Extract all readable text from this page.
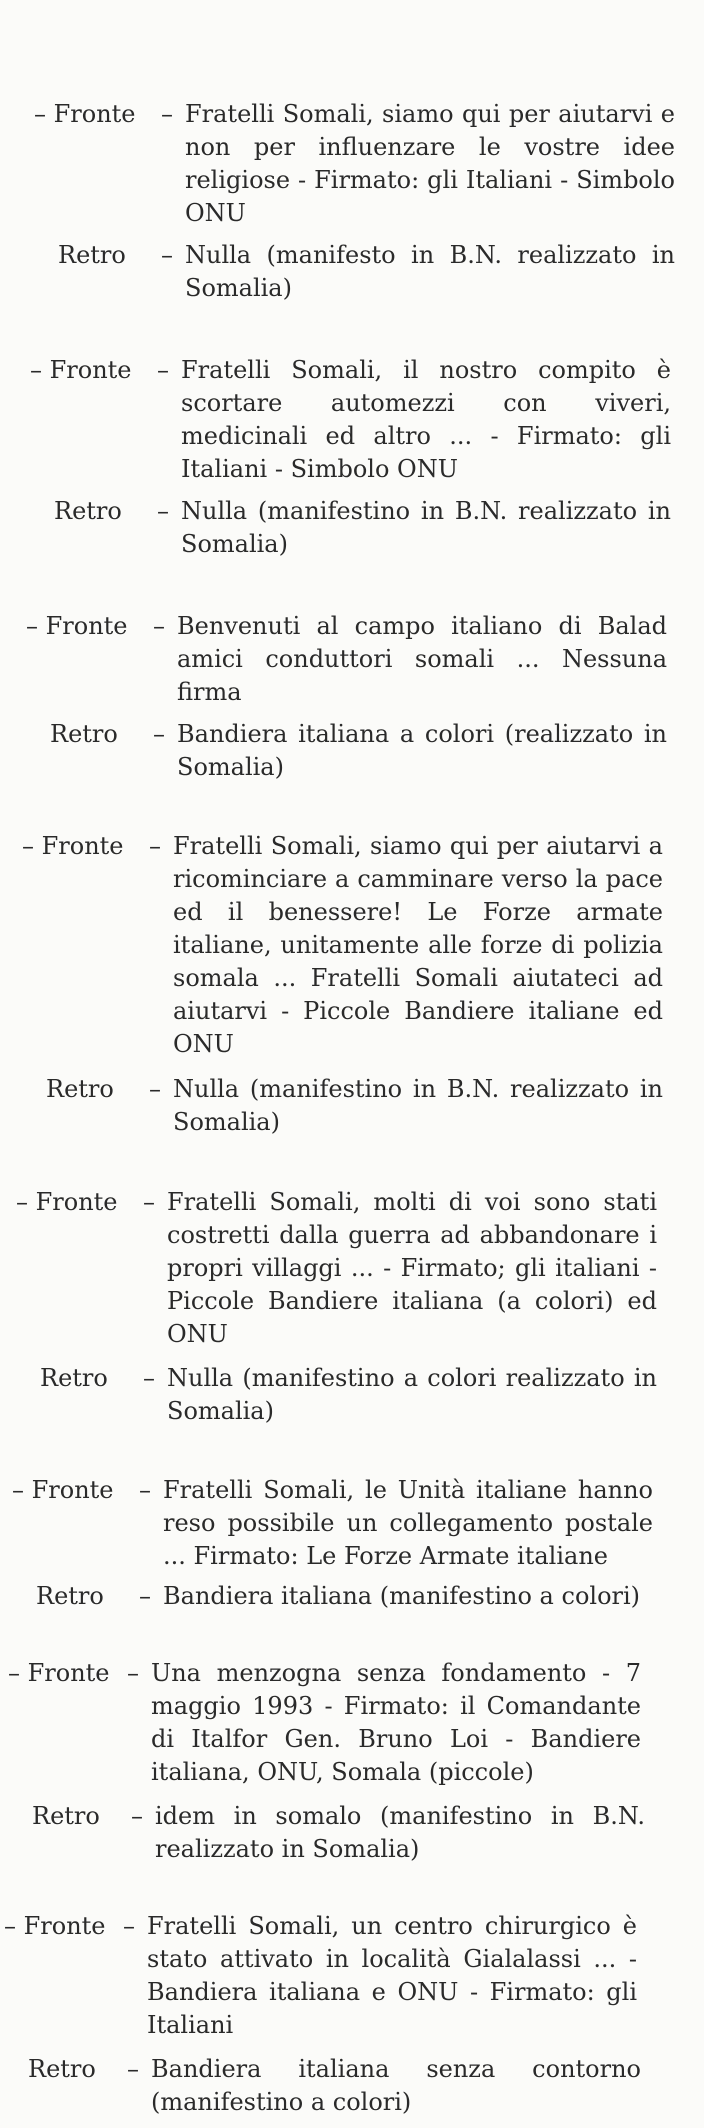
– Fronte – Fratelli Somali, siamo qui per aiutarvi e non per influenzare le vostre idee religiose - Firmato: gli Italiani - Simbolo ONU
Retro – Nulla (manifesto in B.N. realizzato in Somalia)
– Fronte – Fratelli Somali, il nostro compito è scortare automezzi con viveri, medicinali ed altro ... - Firmato: gli Italiani - Simbolo ONU
Retro – Nulla (manifestino in B.N. realizzato in Somalia)
– Fronte – Benvenuti al campo italiano di Balad amici conduttori somali ... Nessuna firma
Retro – Bandiera italiana a colori (realizzato in Somalia)
– Fronte – Fratelli Somali, siamo qui per aiutarvi a ricominciare a camminare verso la pace ed il benessere! Le Forze armate italiane, unitamente alle forze di polizia somala ... Fratelli Somali aiutateci ad aiutarvi - Piccole Bandiere italiane ed ONU
Retro – Nulla (manifestino in B.N. realizzato in Somalia)
– Fronte – Fratelli Somali, molti di voi sono stati costretti dalla guerra ad abbandonare i propri villaggi ... - Firmato; gli italiani - Piccole Bandiere italiana (a colori) ed ONU
Retro – Nulla (manifestino a colori realizzato in Somalia)
– Fronte – Fratelli Somali, le Unità italiane hanno reso possibile un collegamento postale ... Firmato: Le Forze Armate italiane
Retro – Bandiera italiana (manifestino a colori)
– Fronte – Una menzogna senza fondamento - 7 maggio 1993 - Firmato: il Comandante di Italfor Gen. Bruno Loi - Bandiere italiana, ONU, Somala (piccole)
Retro – idem in somalo (manifestino in B.N. realizzato in Somalia)
– Fronte – Fratelli Somali, un centro chirurgico è stato attivato in località Gialalassi ... - Bandiera italiana e ONU - Firmato: gli Italiani
Retro – Bandiera italiana senza contorno (manifestino a colori)
